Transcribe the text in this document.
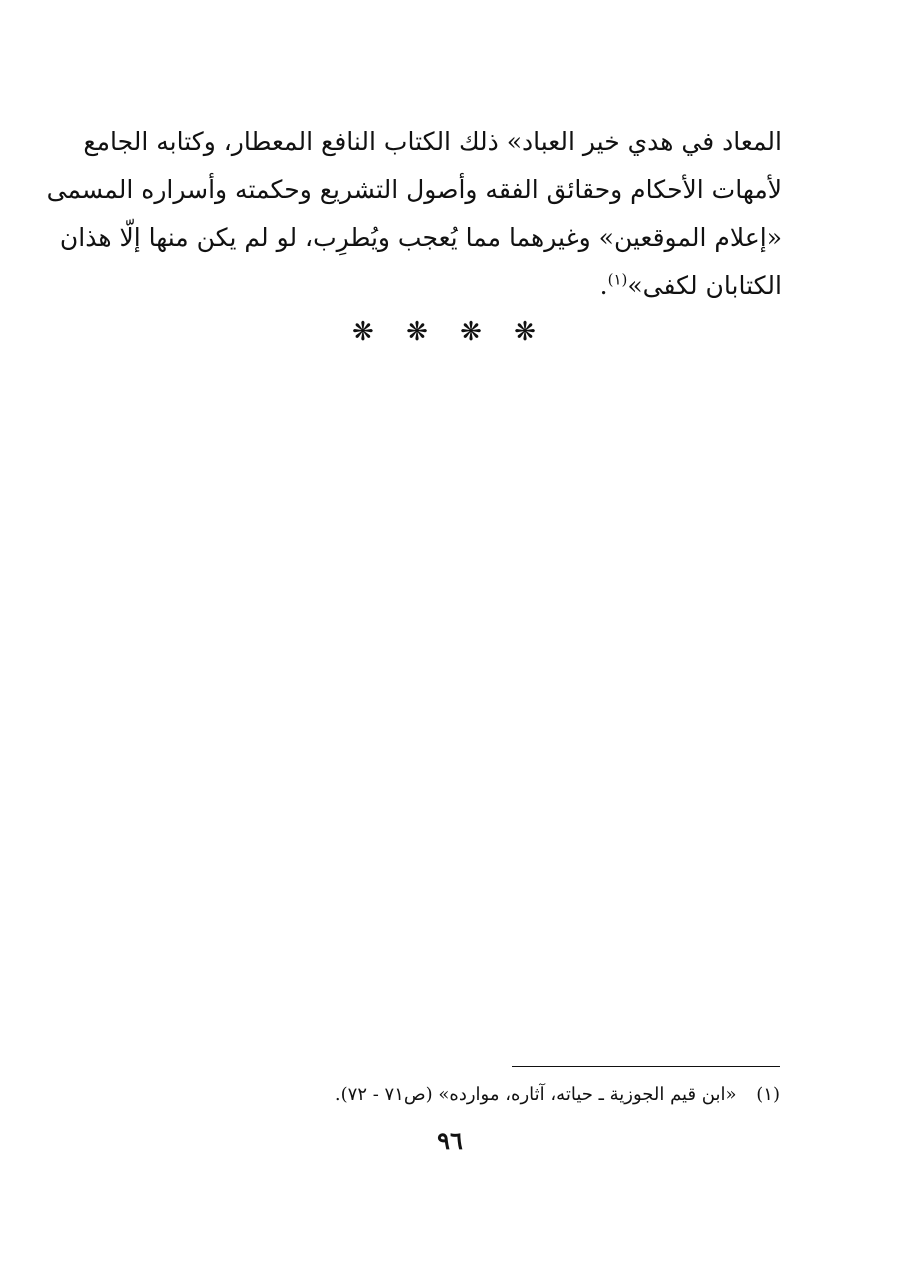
المعاد في هدي خير العباد» ذلك الكتاب النافع المعطار، وكتابه الجامع
لأمهات الأحكام وحقائق الفقه وأصول التشريع وحكمته وأسراره المسمى
«إعلام الموقعين» وغيرهما مما يُعجب ويُطرِب، لو لم يكن منها إلّا هذان
الكتابان لكفى»$^{(١)}$.
❋ ❋ ❋ ❋
(١) «ابن قيم الجوزية ـ حياته، آثاره، موارده» (ص٧١ - ٧٢).
٩٦
